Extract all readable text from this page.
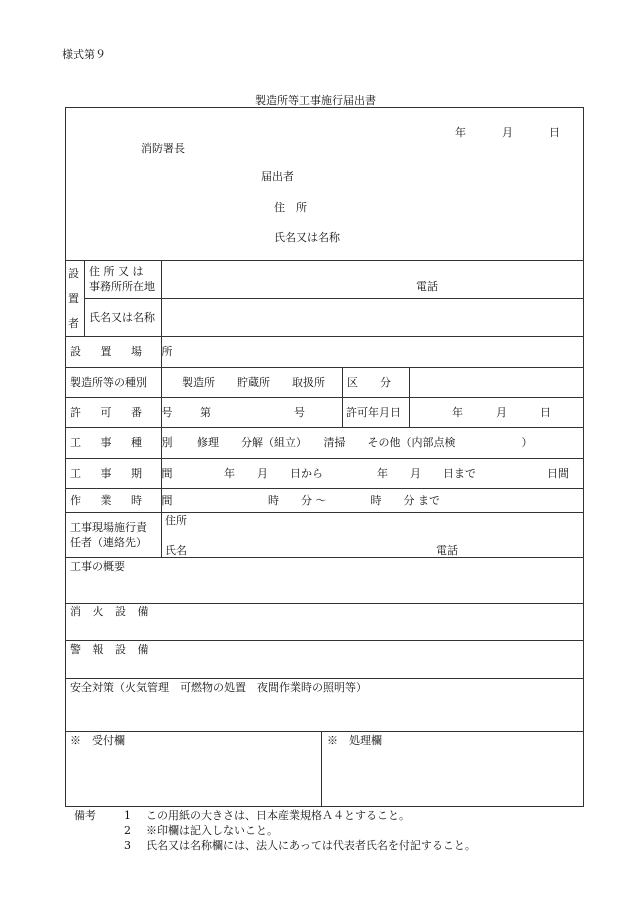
様式第９
製造所等工事施行届出書
年	月	日
消防署長
届出者
住　所
氏名又は名称
設
置
者
住 所 又 は
事務所所在地	電話
氏名又は名称
設 置 場 所
製造所等の種別	製造所　　貯蔵所　　取扱所 区　　分
許 可 番 号 第	号	許可年月日	年　　　月　　　日
工 事 種 別 修理　　分解（組立）　　清掃　　その他（内部点検　　　　　　）
工 事 期 間	年　　月　　日から	年　　月　　日まで	日間
作 業 時 間	時　　分 ～　　　　時　　分 まで
工事現場施行責
任者（連絡先）
住所
氏名	電話
工事の概要
消 火 設 備
警 報 設 備
安全対策（火気管理　可燃物の処置　夜間作業時の照明等）
※　受付欄	※　処理欄
備考	1 この用紙の大きさは、日本産業規格Ａ４とすること。
2 ※印欄は記入しないこと。
3 氏名又は名称欄には、法人にあっては代表者氏名を付記すること。
